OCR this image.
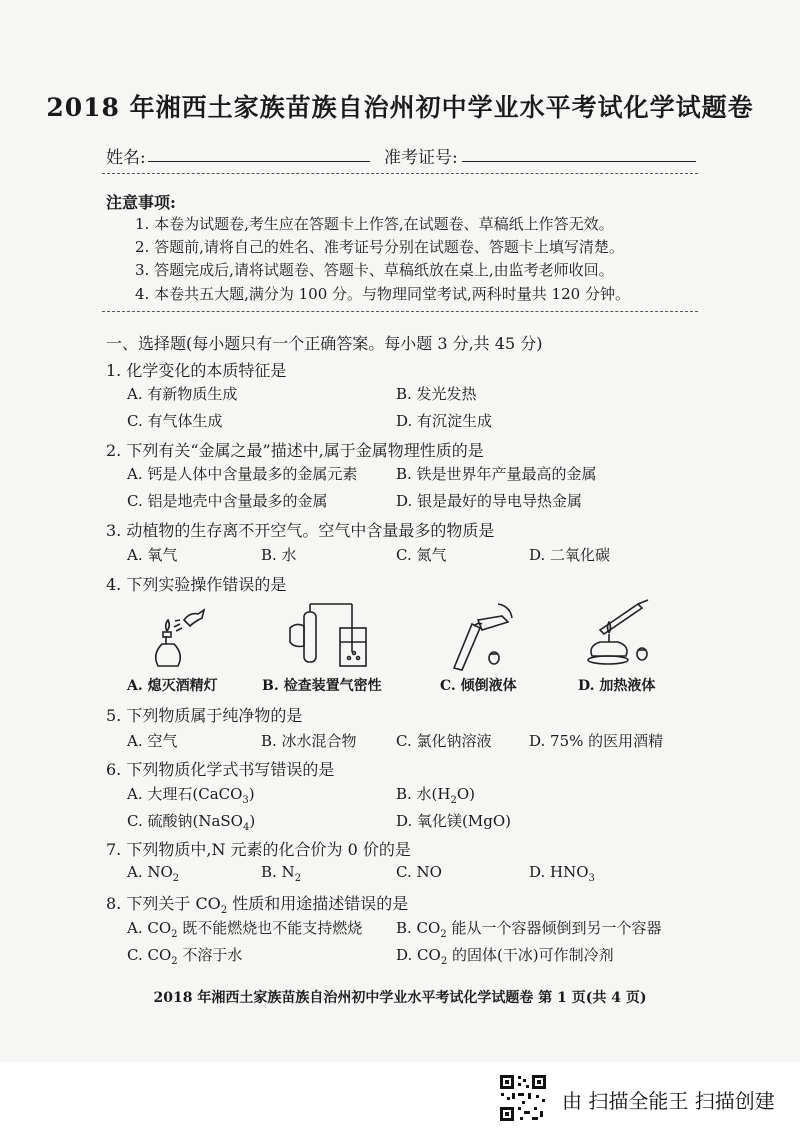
2018 年湘西土家族苗族自治州初中学业水平考试化学试题卷
姓名:	准考证号:
注意事项:
1. 本卷为试题卷,考生应在答题卡上作答,在试题卷、草稿纸上作答无效。
2. 答题前,请将自己的姓名、准考证号分别在试题卷、答题卡上填写清楚。
3. 答题完成后,请将试题卷、答题卡、草稿纸放在桌上,由监考老师收回。
4. 本卷共五大题,满分为 100 分。与物理同堂考试,两科时量共 120 分钟。
一、选择题(每小题只有一个正确答案。每小题 3 分,共 45 分)
1. 化学变化的本质特征是
A. 有新物质生成	B. 发光发热
C. 有气体生成	D. 有沉淀生成
2. 下列有关“金属之最”描述中,属于金属物理性质的是
A. 钙是人体中含量最多的金属元素	B. 铁是世界年产量最高的金属
C. 铝是地壳中含量最多的金属	D. 银是最好的导电导热金属
3. 动植物的生存离不开空气。空气中含量最多的物质是
A. 氧气	B. 水	C. 氮气	D. 二氧化碳
4. 下列实验操作错误的是
A. 熄灭酒精灯	B. 检查装置气密性	C. 倾倒液体	D. 加热液体
5. 下列物质属于纯净物的是
A. 空气	B. 冰水混合物	C. 氯化钠溶液	D. 75% 的医用酒精
6. 下列物质化学式书写错误的是
A. 大理石(CaCO$_3$)	B. 水$(H_2O)$
C. 硫酸钠(NaSO$_4$)	D. 氧化镁(MgO)
7. 下列物质中,N 元素的化合价为 0 价的是
A. $NO_2$	B. $N_2$	C. NO	D. $HNO_3$
8. 下列关于 $CO_2$ 性质和用途描述错误的是
A. $CO_2$ 既不能燃烧也不能支持燃烧 B. $CO_2$ 能从一个容器倾倒到另一个容器
C. $CO_2$ 不溶于水	D. $CO_2$ 的固体(干冰)可作制冷剂
2018 年湘西土家族苗族自治州初中学业水平考试化学试题卷 第 1 页(共 4 页)
由 扫描全能王 扫描创建
